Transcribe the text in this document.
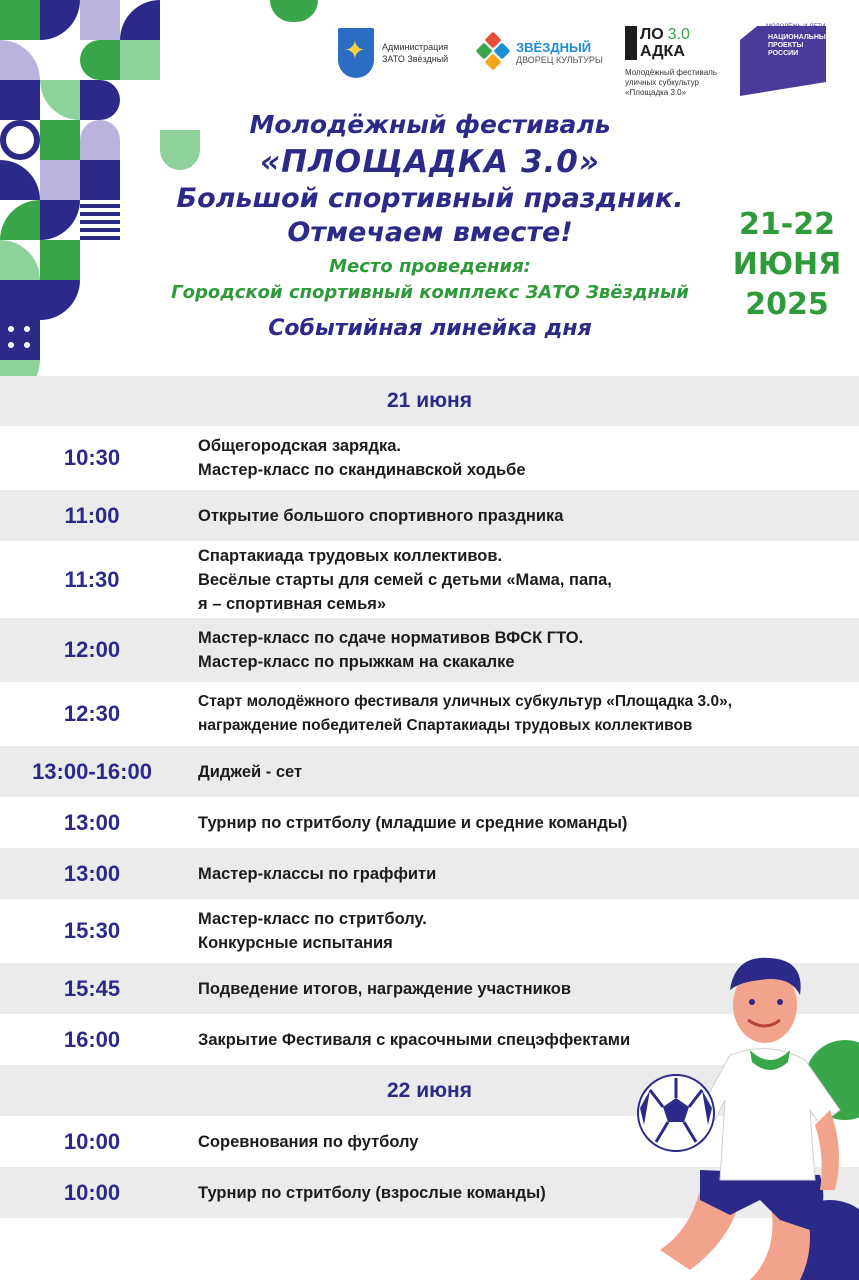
✦
Администрация
ЗАТО Звёздный
ЗВЁЗДНЫЙ
ДВОРЕЦ КУЛЬТУРЫ
ЛО 3.0
АДКА
Молодёжный фестиваль
уличных субкультур
«Площадка 3.0»
МОЛОДЁЖЬ И ДЕТИ
НАЦИОНАЛЬНЫЕ
ПРОЕКТЫ
РОССИИ
Молодёжный фестиваль
«ПЛОЩАДКА 3.0»
Большой спортивный праздник.
Отмечаем вместе!
Место проведения:
Городской спортивный комплекс ЗАТО Звёздный
Событийная линейка дня
21-22
ИЮНЯ
2025
21 июня
10:30	Общегородская зарядка.
Мастер-класс по скандинавской ходьбе
11:00	Открытие большого спортивного праздника
11:30
Спартакиада трудовых коллективов.
Весёлые старты для семей с детьми «Мама, папа,
я – спортивная семья»
12:00	Мастер-класс по сдаче нормативов ВФСК ГТО.
Мастер-класс по прыжкам на скакалке
12:30	Старт молодёжного фестиваля уличных субкультур «Площадка 3.0»,
награждение победителей Спартакиады трудовых коллективов
13:00-16:00	Диджей - сет
13:00	Турнир по стритболу (младшие и средние команды)
13:00	Мастер-классы по граффити
15:30	Мастер-класс по стритболу.
Конкурсные испытания
15:45	Подведение итогов, награждение участников
16:00	Закрытие Фестиваля с красочными спецэффектами
22 июня
10:00	Соревнования по футболу
10:00	Турнир по стритболу (взрослые команды)
